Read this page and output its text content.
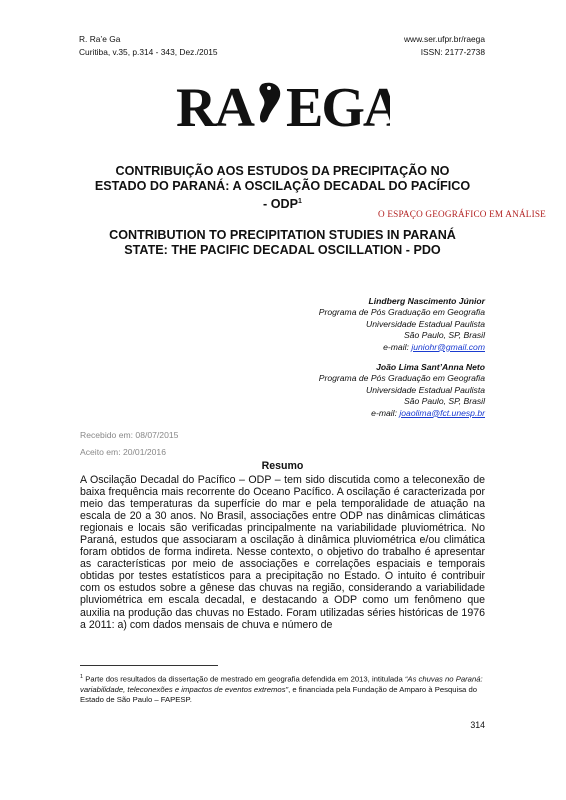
R. Ra’e Ga
Curitiba, v.35, p.314 - 343, Dez./2015
www.ser.ufpr.br/raega
ISSN: 2177-2738
RA EGA
O ESPAÇO GEOGRÁFICO EM ANÁLISE
CONTRIBUIÇÃO AOS ESTUDOS DA PRECIPITAÇÃO NO
ESTADO DO PARANÁ: A OSCILAÇÃO DECADAL DO PACÍFICO
- ODP$^1$
CONTRIBUTION TO PRECIPITATION STUDIES IN PARANÁ
STATE: THE PACIFIC DECADAL OSCILLATION - PDO
Lindberg Nascimento Júnior
Programa de Pós Graduação em Geografia
Universidade Estadual Paulista
São Paulo, SP, Brasil
e-mail: juniohr@gmail.com
João Lima Sant’Anna Neto
Programa de Pós Graduação em Geografia
Universidade Estadual Paulista
São Paulo, SP, Brasil
e-mail: joaolima@fct.unesp.br
Recebido em: 08/07/2015
Aceito em: 20/01/2016
Resumo
A Oscilação Decadal do Pacífico – ODP – tem sido discutida como a teleconexão de baixa frequência mais recorrente do Oceano Pacífico. A oscilação é caracterizada por meio das temperaturas da superfície do mar e pela temporalidade de atuação na escala de 20 a 30 anos. No Brasil, associações entre ODP nas dinâmicas climáticas regionais e locais são verificadas principalmente na variabilidade pluviométrica. No Paraná, estudos que associaram a oscilação à dinâmica pluviométrica e/ou climática foram obtidos de forma indireta. Nesse contexto, o objetivo do trabalho é apresentar as características por meio de associações e correlações espaciais e temporais obtidas por testes estatísticos para a precipitação no Estado. O intuito é contribuir com os estudos sobre a gênese das chuvas na região, considerando a variabilidade pluviométrica em escala decadal, e destacando a ODP como um fenômeno que auxilia na produção das chuvas no Estado. Foram utilizadas séries históricas de 1976 a 2011: a) com dados mensais de chuva e número de
$^1$ Parte dos resultados da dissertação de mestrado em geografia defendida em 2013, intitulada “As chuvas no Paraná: variabilidade, teleconexões e impactos de eventos extremos”, e financiada pela Fundação de Amparo à Pesquisa do Estado de São Paulo – FAPESP.
314
